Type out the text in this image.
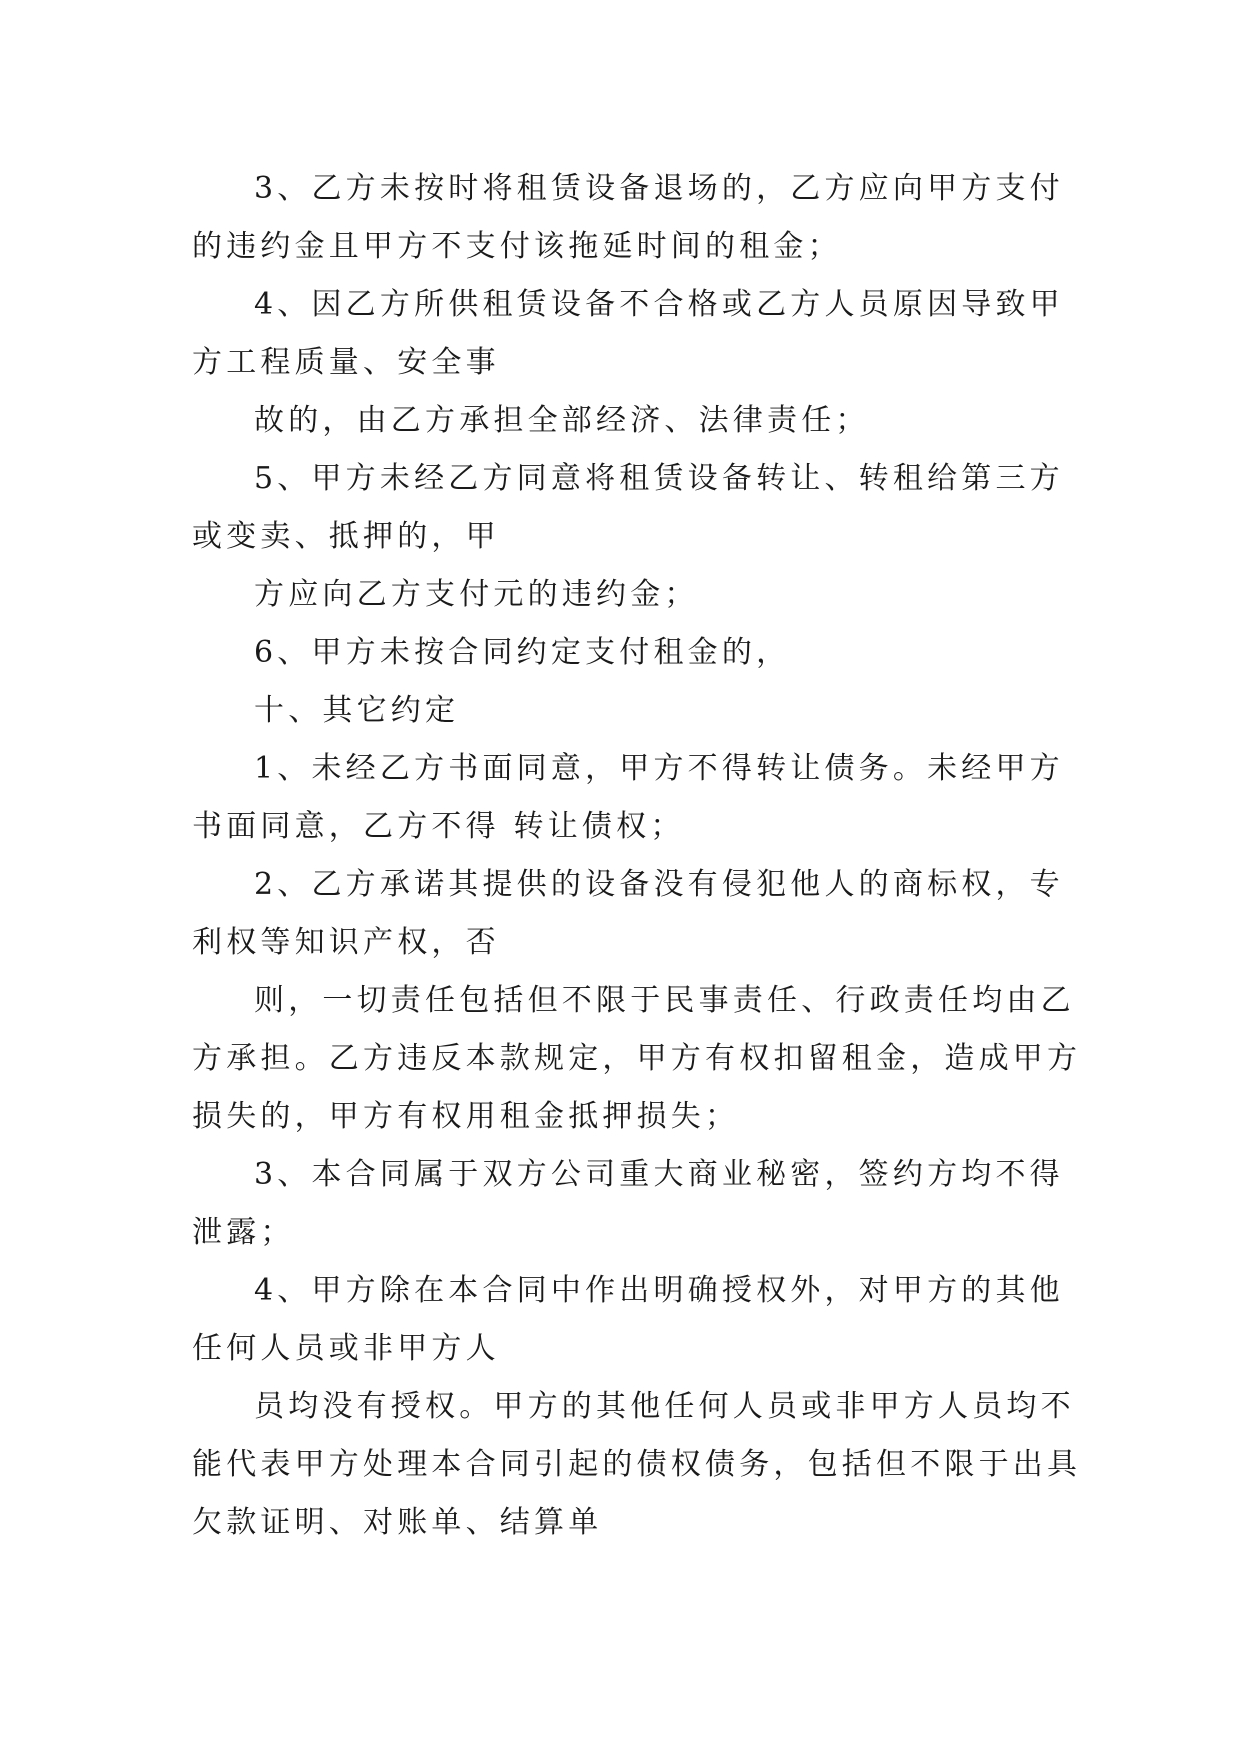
3、乙方未按时将租赁设备退场的，乙方应向甲方支付
的违约金且甲方不支付该拖延时间的租金；
4、因乙方所供租赁设备不合格或乙方人员原因导致甲
方工程质量、安全事
故的，由乙方承担全部经济、法律责任；
5、甲方未经乙方同意将租赁设备转让、转租给第三方
或变卖、抵押的，甲
方应向乙方支付元的违约金；
6、甲方未按合同约定支付租金的，
十、其它约定
1、未经乙方书面同意，甲方不得转让债务。未经甲方
书面同意，乙方不得 转让债权；
2、乙方承诺其提供的设备没有侵犯他人的商标权，专
利权等知识产权，否
则，一切责任包括但不限于民事责任、行政责任均由乙
方承担。乙方违反本款规定，甲方有权扣留租金，造成甲方
损失的，甲方有权用租金抵押损失；
3、本合同属于双方公司重大商业秘密，签约方均不得
泄露；
4、甲方除在本合同中作出明确授权外，对甲方的其他
任何人员或非甲方人
员均没有授权。甲方的其他任何人员或非甲方人员均不
能代表甲方处理本合同引起的债权债务，包括但不限于出具
欠款证明、对账单、结算单
